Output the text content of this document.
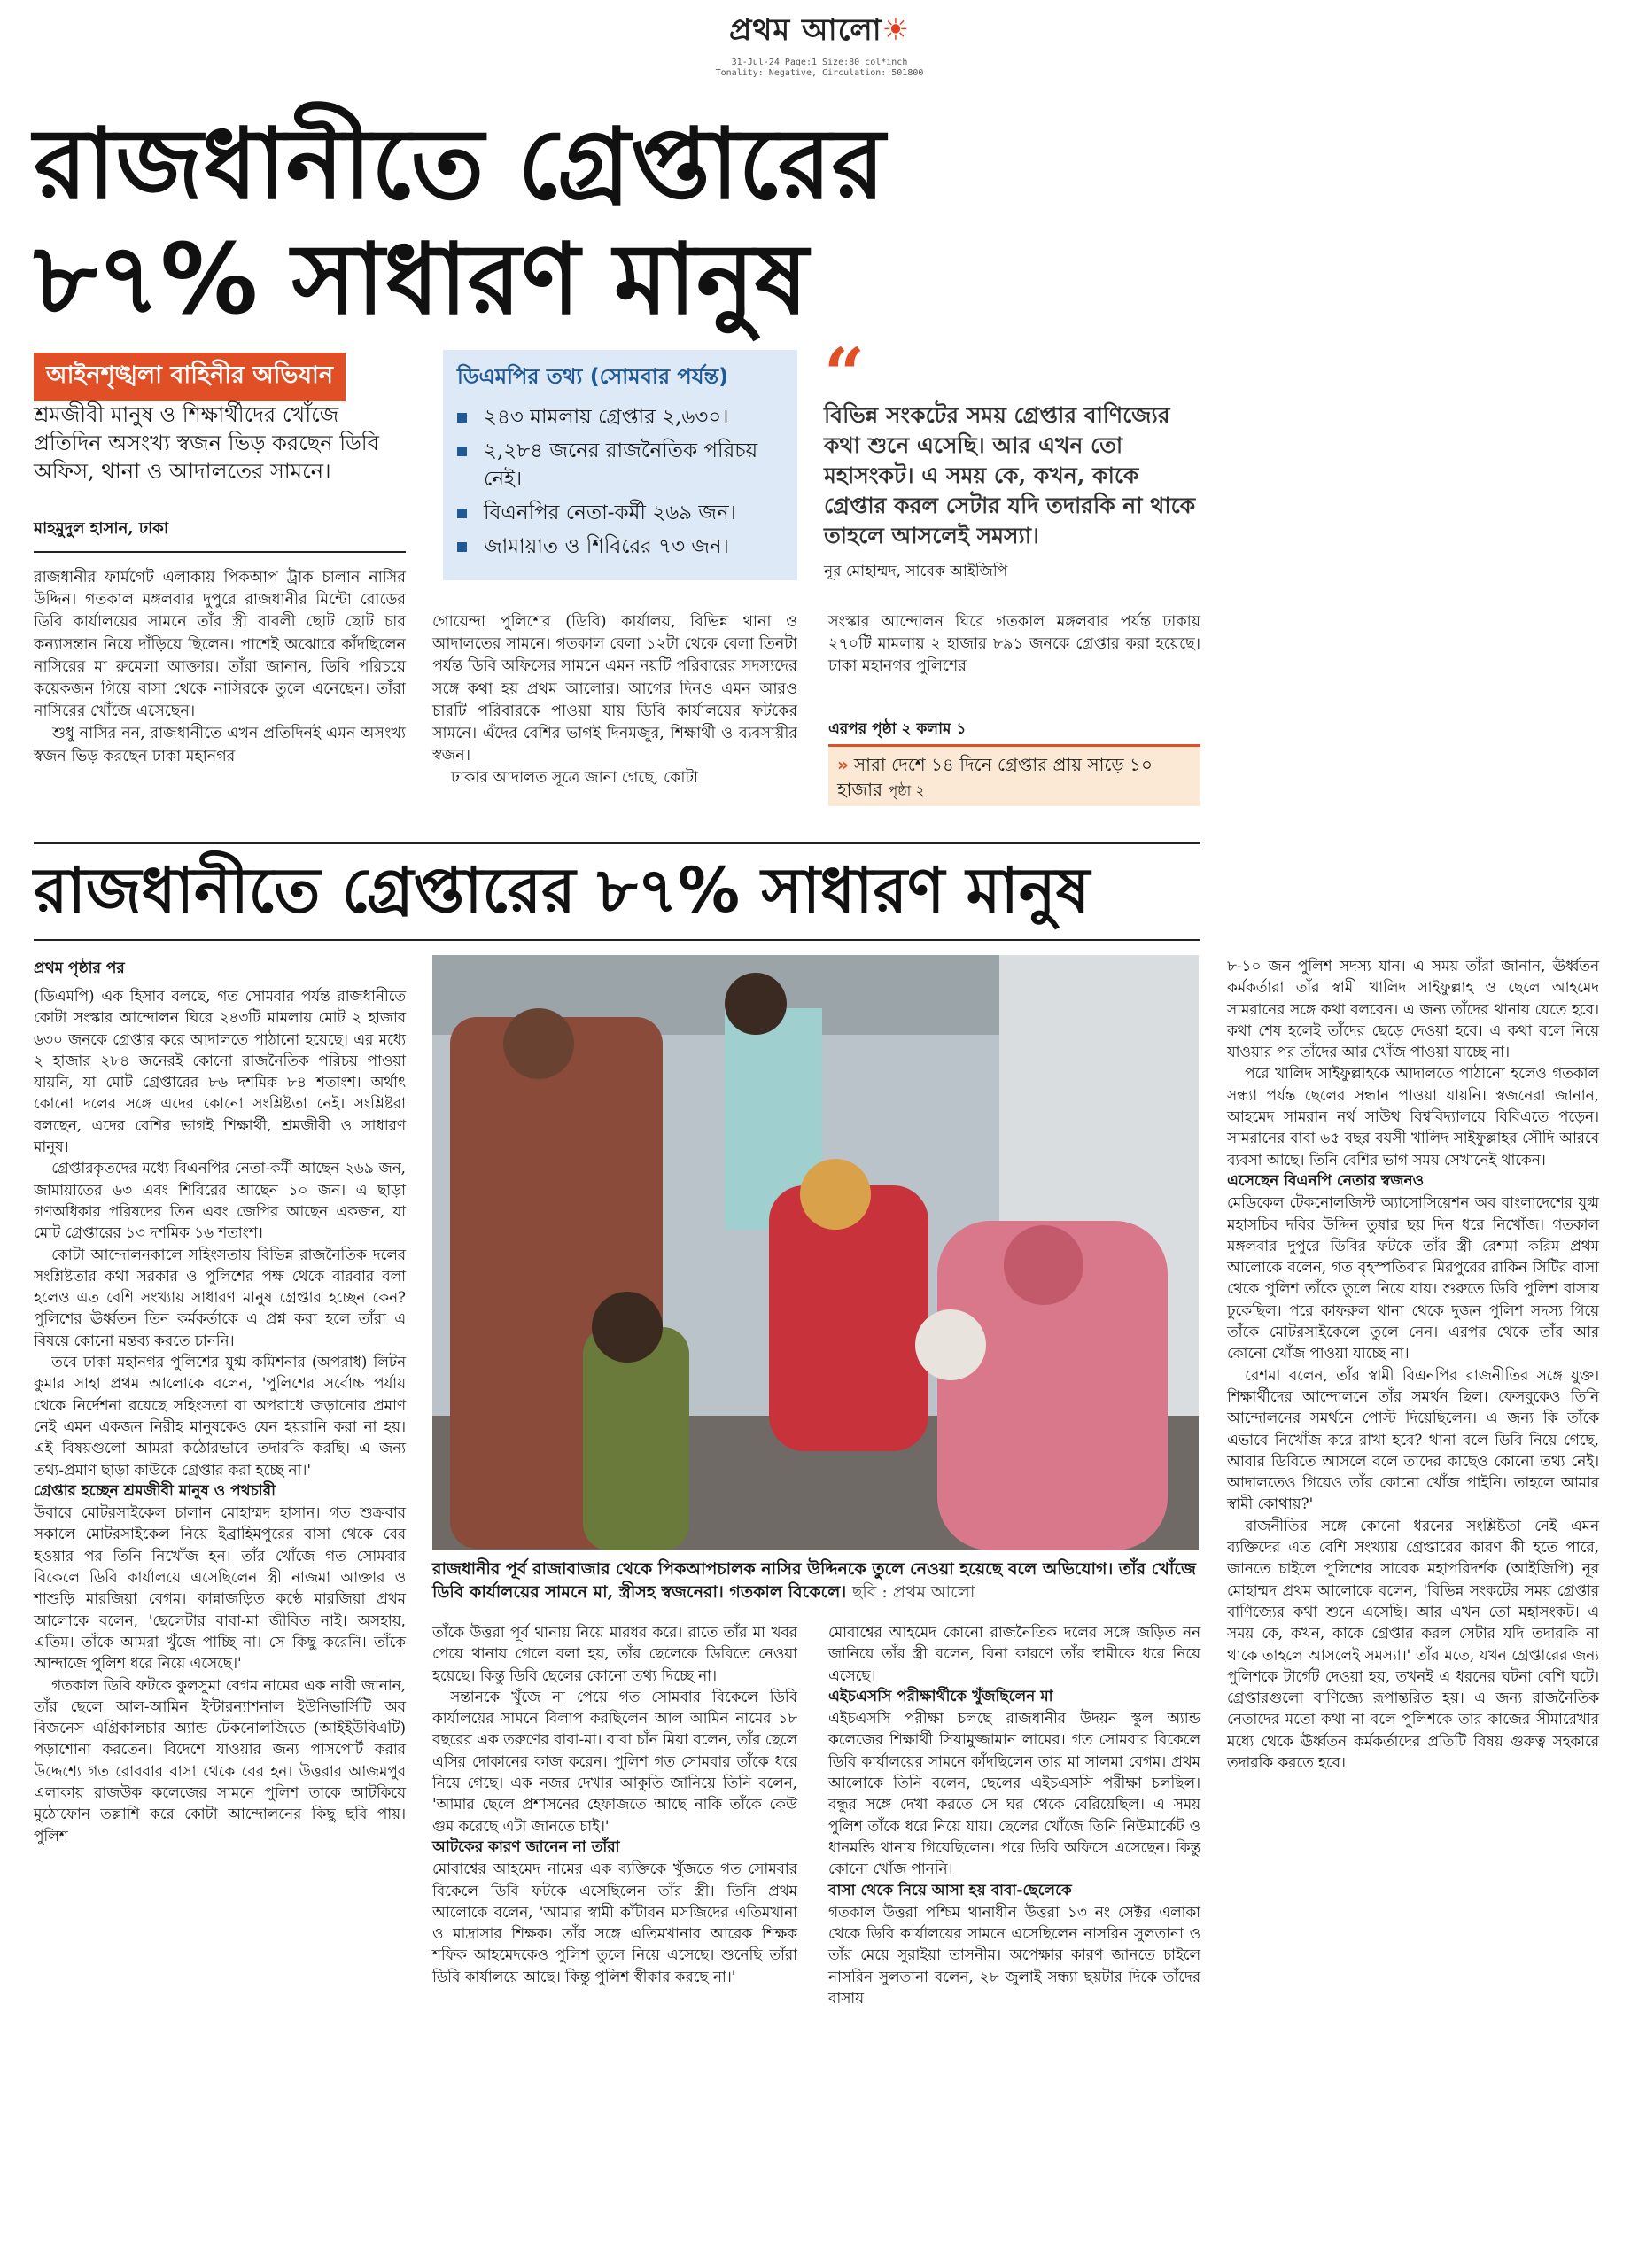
প্রথম আলো☀
31-Jul-24 Page:1 Size:80 col*inch
Tonality: Negative, Circulation: 501800
রাজধানীতে গ্রেপ্তারের
৮৭% সাধারণ মানুষ
আইনশৃঙ্খলা বাহিনীর অভিযান
শ্রমজীবী মানুষ ও শিক্ষার্থীদের খোঁজে প্রতিদিন অসংখ্য স্বজন ভিড় করছেন ডিবি অফিস, থানা ও আদালতের সামনে।
মাহমুদুল হাসান, ঢাকা
ডিএমপির তথ্য (সোমবার পর্যন্ত)
২৪৩ মামলায় গ্রেপ্তার ২,৬৩০।
২,২৮৪ জনের রাজনৈতিক পরিচয় নেই।
বিএনপির নেতা-কর্মী ২৬৯ জন।
জামায়াত ও শিবিরের ৭৩ জন।
“
বিভিন্ন সংকটের সময় গ্রেপ্তার বাণিজ্যের কথা শুনে এসেছি। আর এখন তো মহাসংকট। এ সময় কে, কখন, কাকে গ্রেপ্তার করল সেটার যদি তদারকি না থাকে তাহলে আসলেই সমস্যা।
নূর মোহাম্মদ, সাবেক আইজিপি

রাজধানীর ফার্মগেট এলাকায় পিকআপ ট্রাক চালান নাসির উদ্দিন। গতকাল মঙ্গলবার দুপুরে রাজধানীর মিন্টো রোডের ডিবি কার্যালয়ের সামনে তাঁর স্ত্রী বাবলী ছোট ছোট চার কন্যাসন্তান নিয়ে দাঁড়িয়ে ছিলেন। পাশেই অঝোরে কাঁদছিলেন নাসিরের মা রুমেলা আক্তার। তাঁরা জানান, ডিবি পরিচয়ে কয়েকজন গিয়ে বাসা থেকে নাসিরকে তুলে এনেছেন। তাঁরা নাসিরের খোঁজে এসেছেন।

শুধু নাসির নন, রাজধানীতে এখন প্রতিদিনই এমন অসংখ্য স্বজন ভিড় করছেন ঢাকা মহানগর

গোয়েন্দা পুলিশের (ডিবি) কার্যালয়, বিভিন্ন থানা ও আদালতের সামনে। গতকাল বেলা ১২টা থেকে বেলা তিনটা পর্যন্ত ডিবি অফিসের সামনে এমন নয়টি পরিবারের সদস্যদের সঙ্গে কথা হয় প্রথম আলোর। আগের দিনও এমন আরও চারটি পরিবারকে পাওয়া যায় ডিবি কার্যালয়ের ফটকের সামনে। এঁদের বেশির ভাগই দিনমজুর, শিক্ষার্থী ও ব্যবসায়ীর স্বজন।

ঢাকার আদালত সূত্রে জানা গেছে, কোটা

সংস্কার আন্দোলন ঘিরে গতকাল মঙ্গলবার পর্যন্ত ঢাকায় ২৭০টি মামলায় ২ হাজার ৮৯১ জনকে গ্রেপ্তার করা হয়েছে। ঢাকা মহানগর পুলিশের

এরপর পৃষ্ঠা ২ কলাম ১
» সারা দেশে ১৪ দিনে গ্রেপ্তার প্রায় সাড়ে ১০ হাজার পৃষ্ঠা ২
রাজধানীতে গ্রেপ্তারের ৮৭% সাধারণ মানুষ
প্রথম পৃষ্ঠার পর

(ডিএমপি) এক হিসাব বলছে, গত সোমবার পর্যন্ত রাজধানীতে কোটা সংস্কার আন্দোলন ঘিরে ২৪৩টি মামলায় মোট ২ হাজার ৬৩০ জনকে গ্রেপ্তার করে আদালতে পাঠানো হয়েছে। এর মধ্যে ২ হাজার ২৮৪ জনেরই কোনো রাজনৈতিক পরিচয় পাওয়া যায়নি, যা মোট গ্রেপ্তারের ৮৬ দশমিক ৮৪ শতাংশ। অর্থাৎ কোনো দলের সঙ্গে এদের কোনো সংশ্লিষ্টতা নেই। সংশ্লিষ্টরা বলছেন, এদের বেশির ভাগই শিক্ষার্থী, শ্রমজীবী ও সাধারণ মানুষ।

গ্রেপ্তারকৃতদের মধ্যে বিএনপির নেতা-কর্মী আছেন ২৬৯ জন, জামায়াতের ৬৩ এবং শিবিরের আছেন ১০ জন। এ ছাড়া গণঅধিকার পরিষদের তিন এবং জেপির আছেন একজন, যা মোট গ্রেপ্তারের ১৩ দশমিক ১৬ শতাংশ।

কোটা আন্দোলনকালে সহিংসতায় বিভিন্ন রাজনৈতিক দলের সংশ্লিষ্টতার কথা সরকার ও পুলিশের পক্ষ থেকে বারবার বলা হলেও এত বেশি সংখ্যায় সাধারণ মানুষ গ্রেপ্তার হচ্ছেন কেন? পুলিশের ঊর্ধ্বতন তিন কর্মকর্তাকে এ প্রশ্ন করা হলে তাঁরা এ বিষয়ে কোনো মন্তব্য করতে চাননি।

তবে ঢাকা মহানগর পুলিশের যুগ্ম কমিশনার (অপরাধ) লিটন কুমার সাহা প্রথম আলোকে বলেন, 'পুলিশের সর্বোচ্চ পর্যায় থেকে নির্দেশনা রয়েছে সহিংসতা বা অপরাধে জড়ানোর প্রমাণ নেই এমন একজন নিরীহ মানুষকেও যেন হয়রানি করা না হয়। এই বিষয়গুলো আমরা কঠোরভাবে তদারকি করছি। এ জন্য তথ্য-প্রমাণ ছাড়া কাউকে গ্রেপ্তার করা হচ্ছে না।'

গ্রেপ্তার হচ্ছেন শ্রমজীবী মানুষ ও পথচারী

উবারে মোটরসাইকেল চালান মোহাম্মদ হাসান। গত শুক্রবার সকালে মোটরসাইকেল নিয়ে ইব্রাহিমপুরের বাসা থেকে বের হওয়ার পর তিনি নিখোঁজ হন। তাঁর খোঁজে গত সোমবার বিকেলে ডিবি কার্যালয়ে এসেছিলেন স্ত্রী নাজমা আক্তার ও শাশুড়ি মারজিয়া বেগম। কান্নাজড়িত কণ্ঠে মারজিয়া প্রথম আলোকে বলেন, 'ছেলেটার বাবা-মা জীবিত নাই। অসহায়, এতিম। তাঁকে আমরা খুঁজে পাচ্ছি না। সে কিছু করেনি। তাঁকে আন্দাজে পুলিশ ধরে নিয়ে এসেছে।'

গতকাল ডিবি ফটকে কুলসুমা বেগম নামের এক নারী জানান, তাঁর ছেলে আল-আমিন ইন্টারন্যাশনাল ইউনিভার্সিটি অব বিজনেস এগ্রিকালচার অ্যান্ড টেকনোলজিতে (আইইউবিএটি) পড়াশোনা করতেন। বিদেশে যাওয়ার জন্য পাসপোর্ট করার উদ্দেশ্যে গত রোববার বাসা থেকে বের হন। উত্তরার আজমপুর এলাকায় রাজউক কলেজের সামনে পুলিশ তাকে আটকিয়ে মুঠোফোন তল্লাশি করে কোটা আন্দোলনের কিছু ছবি পায়। পুলিশ

রাজধানীর পূর্ব রাজাবাজার থেকে পিকআপচালক নাসির উদ্দিনকে তুলে নেওয়া হয়েছে বলে অভিযোগ। তাঁর খোঁজে ডিবি কার্যালয়ের সামনে মা, স্ত্রীসহ স্বজনেরা। গতকাল বিকেলে। ছবি : প্রথম আলো

তাঁকে উত্তরা পূর্ব থানায় নিয়ে মারধর করে। রাতে তাঁর মা খবর পেয়ে থানায় গেলে বলা হয়, তাঁর ছেলেকে ডিবিতে নেওয়া হয়েছে। কিন্তু ডিবি ছেলের কোনো তথ্য দিচ্ছে না।

সন্তানকে খুঁজে না পেয়ে গত সোমবার বিকেলে ডিবি কার্যালয়ের সামনে বিলাপ করছিলেন আল আমিন নামের ১৮ বছরের এক তরুণের বাবা-মা। বাবা চাঁন মিয়া বলেন, তাঁর ছেলে এসির দোকানের কাজ করেন। পুলিশ গত সোমবার তাঁকে ধরে নিয়ে গেছে। এক নজর দেখার আকুতি জানিয়ে তিনি বলেন, 'আমার ছেলে প্রশাসনের হেফাজতে আছে নাকি তাঁকে কেউ গুম করেছে এটা জানতে চাই।'

আটকের কারণ জানেন না তাঁরা

মোবাশ্বের আহমেদ নামের এক ব্যক্তিকে খুঁজতে গত সোমবার বিকেলে ডিবি ফটকে এসেছিলেন তাঁর স্ত্রী। তিনি প্রথম আলোকে বলেন, 'আমার স্বামী কাঁটাবন মসজিদের এতিমখানা ও মাদ্রাসার শিক্ষক। তাঁর সঙ্গে এতিমখানার আরেক শিক্ষক শফিক আহমেদকেও পুলিশ তুলে নিয়ে এসেছে। শুনেছি তাঁরা ডিবি কার্যালয়ে আছে। কিন্তু পুলিশ স্বীকার করছে না।'

মোবাশ্বের আহমেদ কোনো রাজনৈতিক দলের সঙ্গে জড়িত নন জানিয়ে তাঁর স্ত্রী বলেন, বিনা কারণে তাঁর স্বামীকে ধরে নিয়ে এসেছে।

এইচএসসি পরীক্ষার্থীকে খুঁজছিলেন মা

এইচএসসি পরীক্ষা চলছে রাজধানীর উদয়ন স্কুল অ্যান্ড কলেজের শিক্ষার্থী সিয়ামুজ্জামান লামের। গত সোমবার বিকেলে ডিবি কার্যালয়ের সামনে কাঁদছিলেন তার মা সালমা বেগম। প্রথম আলোকে তিনি বলেন, ছেলের এইচএসসি পরীক্ষা চলছিল। বন্ধুর সঙ্গে দেখা করতে সে ঘর থেকে বেরিয়েছিল। এ সময় পুলিশ তাঁকে ধরে নিয়ে যায়। ছেলের খোঁজে তিনি নিউমার্কেট ও ধানমন্ডি থানায় গিয়েছিলেন। পরে ডিবি অফিসে এসেছেন। কিন্তু কোনো খোঁজ পাননি।

বাসা থেকে নিয়ে আসা হয় বাবা-ছেলেকে

গতকাল উত্তরা পশ্চিম থানাধীন উত্তরা ১৩ নং সেক্টর এলাকা থেকে ডিবি কার্যালয়ের সামনে এসেছিলেন নাসরিন সুলতানা ও তাঁর মেয়ে সুরাইয়া তাসনীম। অপেক্ষার কারণ জানতে চাইলে নাসরিন সুলতানা বলেন, ২৮ জুলাই সন্ধ্যা ছয়টার দিকে তাঁদের বাসায়

৮-১০ জন পুলিশ সদস্য যান। এ সময় তাঁরা জানান, ঊর্ধ্বতন কর্মকর্তারা তাঁর স্বামী খালিদ সাইফুল্লাহ ও ছেলে আহমেদ সামরানের সঙ্গে কথা বলবেন। এ জন্য তাঁদের থানায় যেতে হবে। কথা শেষ হলেই তাঁদের ছেড়ে দেওয়া হবে। এ কথা বলে নিয়ে যাওয়ার পর তাঁদের আর খোঁজ পাওয়া যাচ্ছে না।

পরে খালিদ সাইফুল্লাহকে আদালতে পাঠানো হলেও গতকাল সন্ধ্যা পর্যন্ত ছেলের সন্ধান পাওয়া যায়নি। স্বজনেরা জানান, আহমেদ সামরান নর্থ সাউথ বিশ্ববিদ্যালয়ে বিবিএতে পড়েন। সামরানের বাবা ৬৫ বছর বয়সী খালিদ সাইফুল্লাহর সৌদি আরবে ব্যবসা আছে। তিনি বেশির ভাগ সময় সেখানেই থাকেন।

এসেছেন বিএনপি নেতার স্বজনও

মেডিকেল টেকনোলজিস্ট অ্যাসোসিয়েশন অব বাংলাদেশের যুগ্ম মহাসচিব দবির উদ্দিন তুষার ছয় দিন ধরে নিখোঁজ। গতকাল মঙ্গলবার দুপুরে ডিবির ফটকে তাঁর স্ত্রী রেশমা করিম প্রথম আলোকে বলেন, গত বৃহস্পতিবার মিরপুরের রাকিন সিটির বাসা থেকে পুলিশ তাঁকে তুলে নিয়ে যায়। শুরুতে ডিবি পুলিশ বাসায় ঢুকেছিল। পরে কাফরুল থানা থেকে দুজন পুলিশ সদস্য গিয়ে তাঁকে মোটরসাইকেলে তুলে নেন। এরপর থেকে তাঁর আর কোনো খোঁজ পাওয়া যাচ্ছে না।

রেশমা বলেন, তাঁর স্বামী বিএনপির রাজনীতির সঙ্গে যুক্ত। শিক্ষার্থীদের আন্দোলনে তাঁর সমর্থন ছিল। ফেসবুকেও তিনি আন্দোলনের সমর্থনে পোস্ট দিয়েছিলেন। এ জন্য কি তাঁকে এভাবে নিখোঁজ করে রাখা হবে? থানা বলে ডিবি নিয়ে গেছে, আবার ডিবিতে আসলে বলে তাদের কাছেও কোনো তথ্য নেই। আদালতেও গিয়েও তাঁর কোনো খোঁজ পাইনি। তাহলে আমার স্বামী কোথায়?'

রাজনীতির সঙ্গে কোনো ধরনের সংশ্লিষ্টতা নেই এমন ব্যক্তিদের এত বেশি সংখ্যায় গ্রেপ্তারের কারণ কী হতে পারে, জানতে চাইলে পুলিশের সাবেক মহাপরিদর্শক (আইজিপি) নূর মোহাম্মদ প্রথম আলোকে বলেন, 'বিভিন্ন সংকটের সময় গ্রেপ্তার বাণিজ্যের কথা শুনে এসেছি। আর এখন তো মহাসংকট। এ সময় কে, কখন, কাকে গ্রেপ্তার করল সেটার যদি তদারকি না থাকে তাহলে আসলেই সমস্যা।' তাঁর মতে, যখন গ্রেপ্তারের জন্য পুলিশকে টার্গেট দেওয়া হয়, তখনই এ ধরনের ঘটনা বেশি ঘটে। গ্রেপ্তারগুলো বাণিজ্যে রূপান্তরিত হয়। এ জন্য রাজনৈতিক নেতাদের মতো কথা না বলে পুলিশকে তার কাজের সীমারেখার মধ্যে থেকে ঊর্ধ্বতন কর্মকর্তাদের প্রতিটি বিষয় গুরুত্ব সহকারে তদারকি করতে হবে।
